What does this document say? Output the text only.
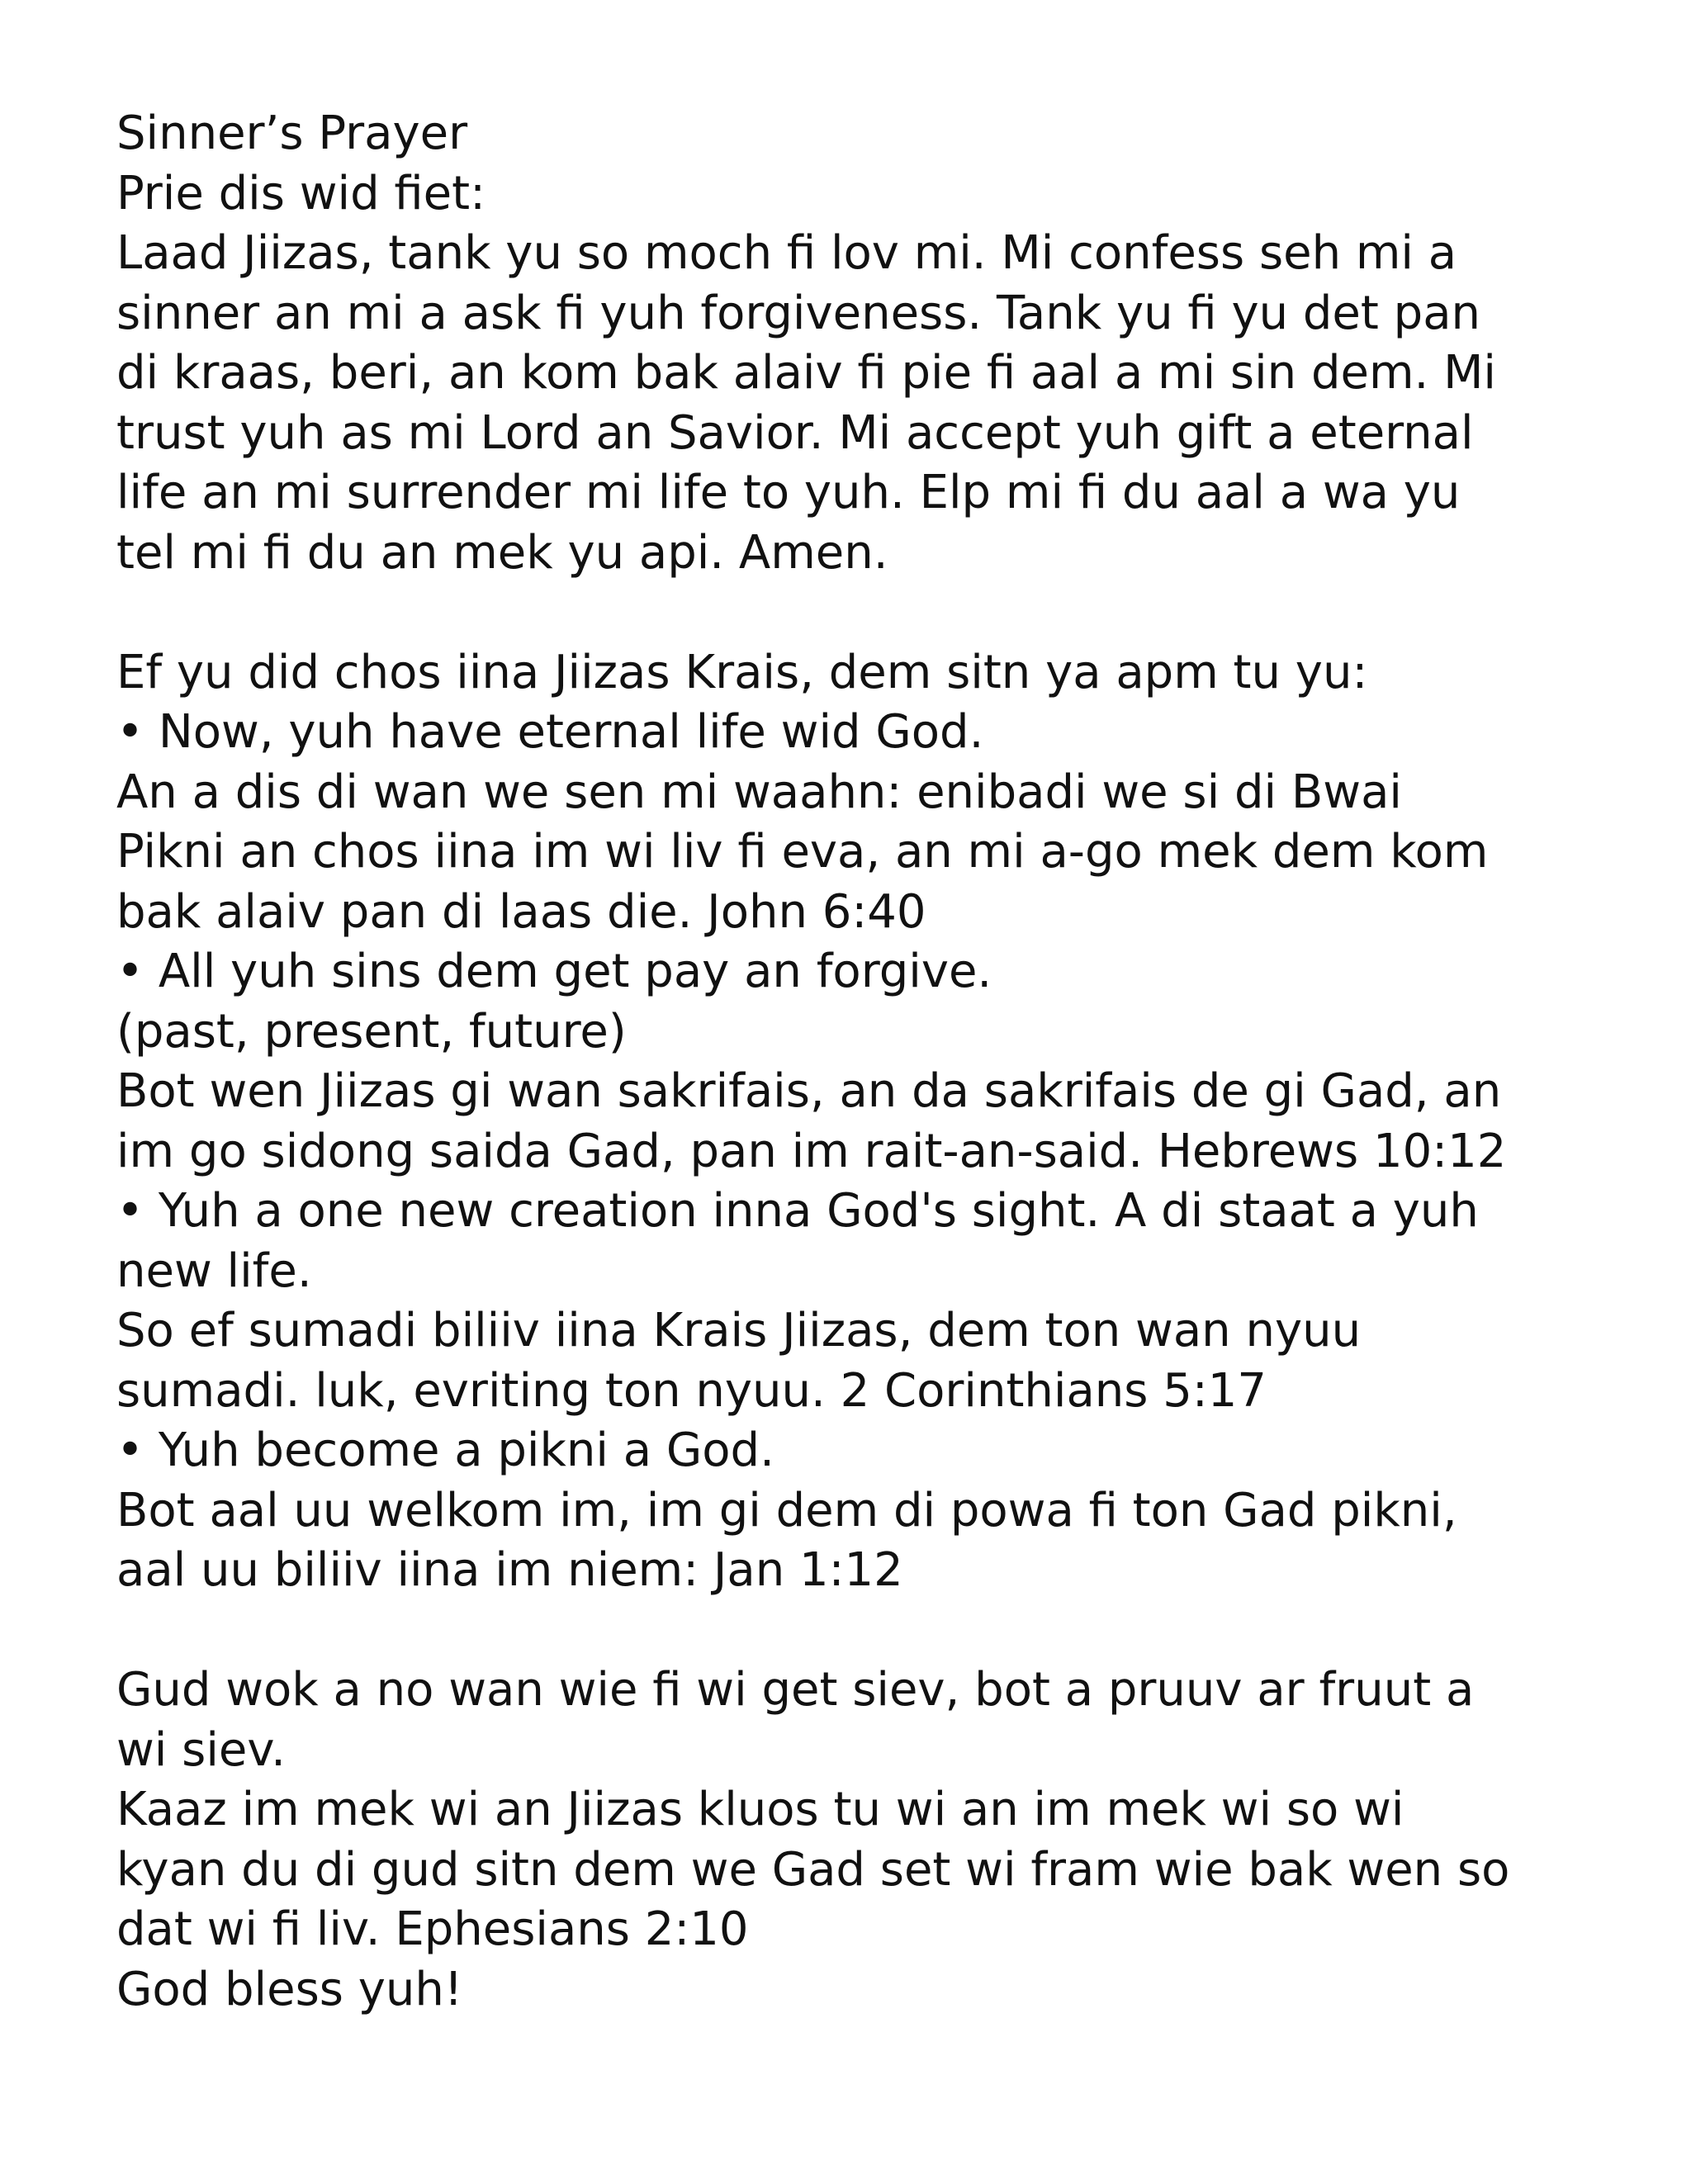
Sinner’s Prayer
Prie dis wid fiet:
Laad Jiizas, tank yu so moch fi lov mi. Mi confess seh mi a
sinner an mi a ask fi yuh forgiveness. Tank yu fi yu det pan
di kraas, beri, an kom bak alaiv fi pie fi aal a mi sin dem. Mi
trust yuh as mi Lord an Savior. Mi accept yuh gift a eternal
life an mi surrender mi life to yuh. Elp mi fi du aal a wa yu
tel mi fi du an mek yu api. Amen.
Ef yu did chos iina Jiizas Krais, dem sitn ya apm tu yu:
• Now, yuh have eternal life wid God.
An a dis di wan we sen mi waahn: enibadi we si di Bwai
Pikni an chos iina im wi liv fi eva, an mi a-go mek dem kom
bak alaiv pan di laas die. John 6:40
• All yuh sins dem get pay an forgive.
(past, present, future)
Bot wen Jiizas gi wan sakrifais, an da sakrifais de gi Gad, an
im go sidong saida Gad, pan im rait-an-said. Hebrews 10:12
• Yuh a one new creation inna God's sight. A di staat a yuh
new life.
So ef sumadi biliiv iina Krais Jiizas, dem ton wan nyuu
sumadi. luk, evriting ton nyuu. 2 Corinthians 5:17
• Yuh become a pikni a God.
Bot aal uu welkom im, im gi dem di powa fi ton Gad pikni,
aal uu biliiv iina im niem: Jan 1:12
Gud wok a no wan wie fi wi get siev, bot a pruuv ar fruut a
wi siev.
Kaaz im mek wi an Jiizas kluos tu wi an im mek wi so wi
kyan du di gud sitn dem we Gad set wi fram wie bak wen so
dat wi fi liv. Ephesians 2:10
God bless yuh!
